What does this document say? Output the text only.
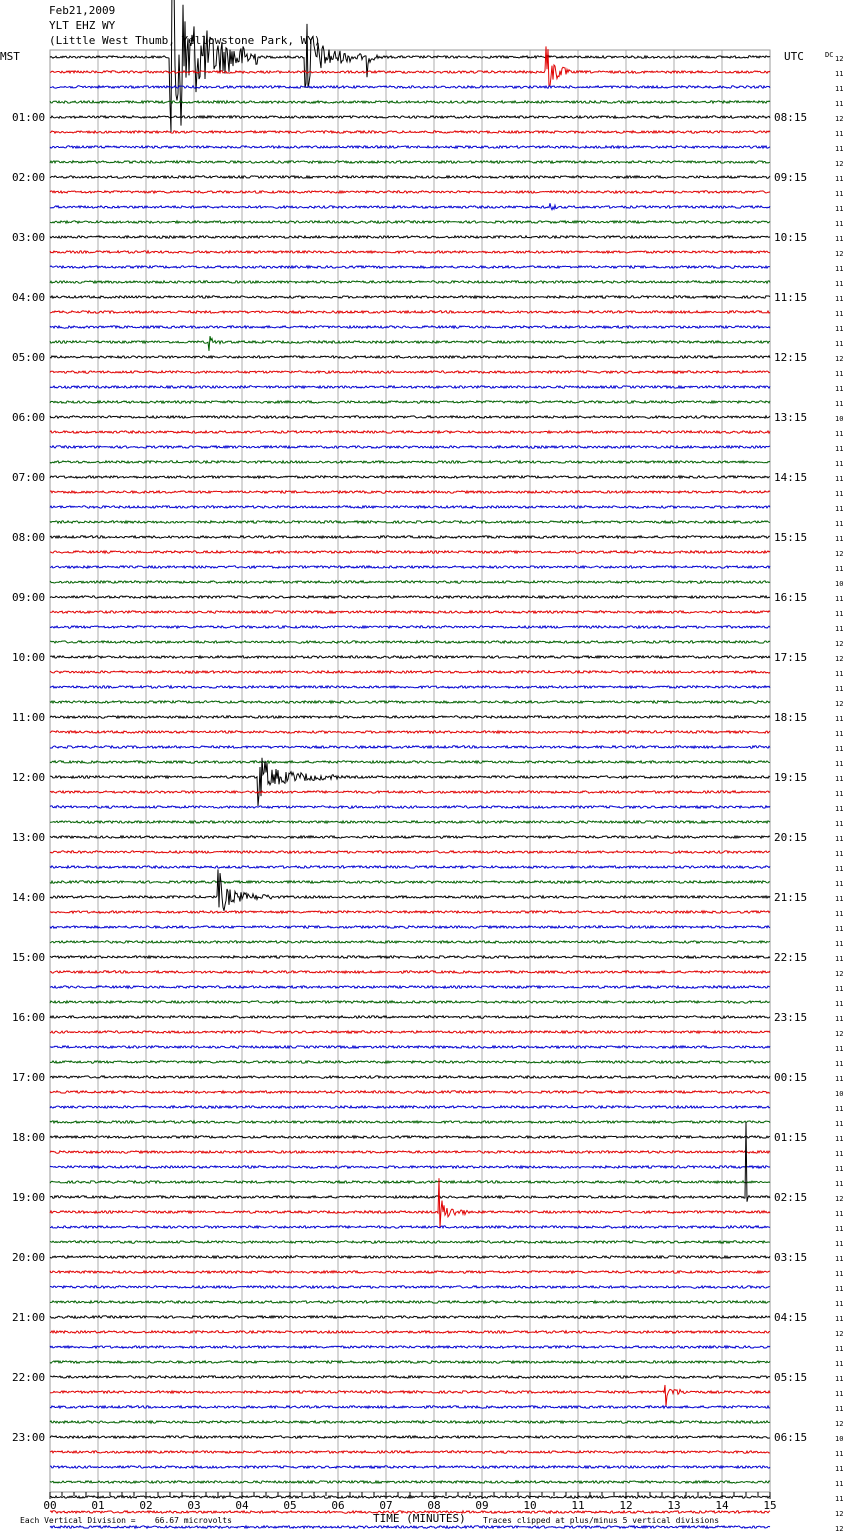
Feb21,2009
YLT EHZ WY
(Little West Thumb, Yellowstone Park, WY)
MST	UTC	DC 12
11
11
11
12
11
11
12
11
11
11
11
11
12
11
11
11
11
11
11
12
11
11
11
10
11
11
11
11
11
11
11
11
12
11
10
11
11
11
12
12
11
11
12
11
11
11
11
11
11
11
11
11
11
11
11
11
11
11
11
11
12
11
11
11
12
11
11
11
10
11
11
11
11
11
11
12
11
11
11
11
11
11
11
11
12
11
11
11
11
11
12
10
11
11
11
11
12
12
01:00
02:00
03:00
04:00
05:00
06:00
07:00
08:00
09:00
10:00
11:00
12:00
13:00
14:00
15:00
16:00
17:00
18:00
19:00
20:00
21:00
22:00
23:00
08:15
09:15
10:15
11:15
12:15
13:15
14:15
15:15
16:15
17:15
18:15
19:15
20:15
21:15
22:15
23:15
00:15
01:15
02:15
03:15
04:15
05:15
06:15
00	01	02	03	04	05	06	07	08	09	10	11	12	13	14	15
Each Vertical Division =    66.67 microvolts	TIME (MINUTES) Traces clipped at plus/minus 5 vertical divisions
